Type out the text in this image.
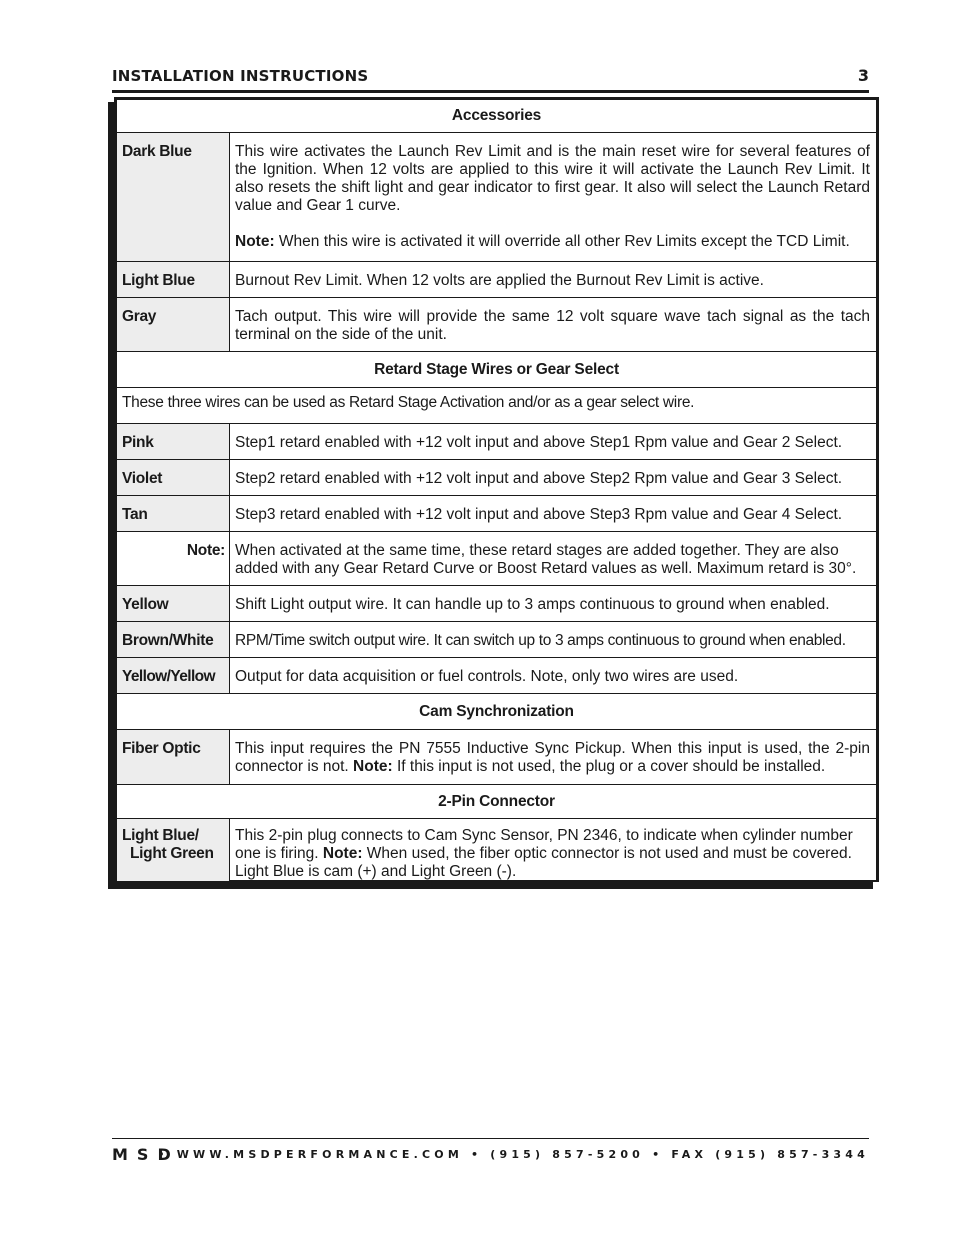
INSTALLATION INSTRUCTIONS	3
Accessories	
Dark Blue	This wire activates the Launch Rev Limit and is the main reset wire for several features of the Ignition. When 12 volts are applied to this wire it will activate the Launch Rev Limit. It also resets the shift light and gear indicator to first gear. It also will select the Launch Retard value and Gear 1 curve.
Note: When this wire is activated it will override all other Rev Limits except the TCD Limit.

Light Blue	Burnout Rev Limit. When 12 volts are applied the Burnout Rev Limit is active.
Gray	Tach output. This wire will provide the same 12 volt square wave tach signal as the tach terminal on the side of the unit.
Retard Stage Wires or Gear Select	
These three wires can be used as Retard Stage Activation and/or as a gear select wire.	
Pink	Step1 retard enabled with +12 volt input and above Step1 Rpm value and Gear 2 Select.
Violet	Step2 retard enabled with +12 volt input and above Step2 Rpm value and Gear 3 Select.
Tan	Step3 retard enabled with +12 volt input and above Step3 Rpm value and Gear 4 Select.
Note:	When activated at the same time, these retard stages are added together. They are also added with any Gear Retard Curve or Boost Retard values as well. Maximum retard is 30°.
Yellow	Shift Light output wire. It can handle up to 3 amps continuous to ground when enabled.
Brown/White	RPM/Time switch output wire. It can switch up to 3 amps continuous to ground when enabled.
Yellow/Yellow	Output for data acquisition or fuel controls. Note, only two wires are used.
Cam Synchronization	
Fiber Optic	This input requires the PN 7555 Inductive Sync Pickup. When this input is used, the 2-pin connector is not. Note: If this input is not used, the plug or a cover should be installed.
2-Pin Connector	

Light Blue/
Light Green	This 2-pin plug connects to Cam Sync Sensor, PN 2346, to indicate when cylinder number one is firing. Note: When used, the fiber optic connector is not used and must be covered. Light Blue is cam (+) and Light Green (-).
MSD
• WWW.MSDPERFORMANCE.COM • (915) 857-5200 • FAX (915) 857-3344
